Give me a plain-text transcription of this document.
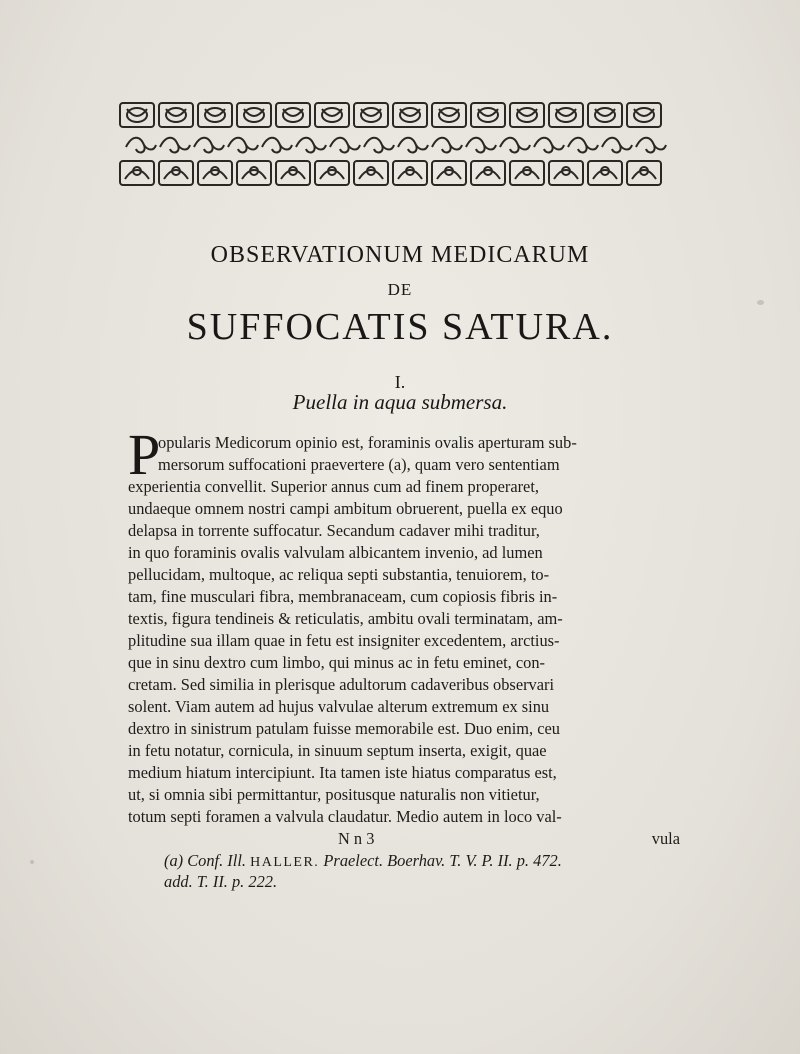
OBSERVATIONUM MEDICARUM
DE
SUFFOCATIS SATURA.
I.
Puella in aqua submersa.
P
opularis Medicorum opinio est, foraminis ovalis aperturam sub-
mersorum suffocationi praevertere (a), quam vero sententiam
experientia convellit. Superior annus cum ad finem properaret,
undaeque omnem nostri campi ambitum obruerent, puella ex equo
delapsa in torrente suffocatur. Secandum cadaver mihi traditur,
in quo foraminis ovalis valvulam albicantem invenio, ad lumen
pellucidam, multoque, ac reliqua septi substantia, tenuiorem, to-
tam, fine musculari fibra, membranaceam, cum copiosis fibris in-
textis, figura tendineis & reticulatis, ambitu ovali terminatam, am-
plitudine sua illam quae in fetu est insigniter excedentem, arctius-
que in sinu dextro cum limbo, qui minus ac in fetu eminet, con-
cretam. Sed similia in plerisque adultorum cadaveribus observari
solent. Viam autem ad hujus valvulae alterum extremum ex sinu
dextro in sinistrum patulam fuisse memorabile est. Duo enim, ceu
in fetu notatur, cornicula, in sinuum septum inserta, exigit, quae
medium hiatum intercipiunt. Ita tamen iste hiatus comparatus est,
ut, si omnia sibi permittantur, positusque naturalis non vitietur,
totum septi foramen a valvula claudatur. Medio autem in loco val-
N n 3	vula
(a) Conf. Ill. HALLER. Praelect. Boerhav. T. V. P. II. p. 472.
add. T. II. p. 222.
